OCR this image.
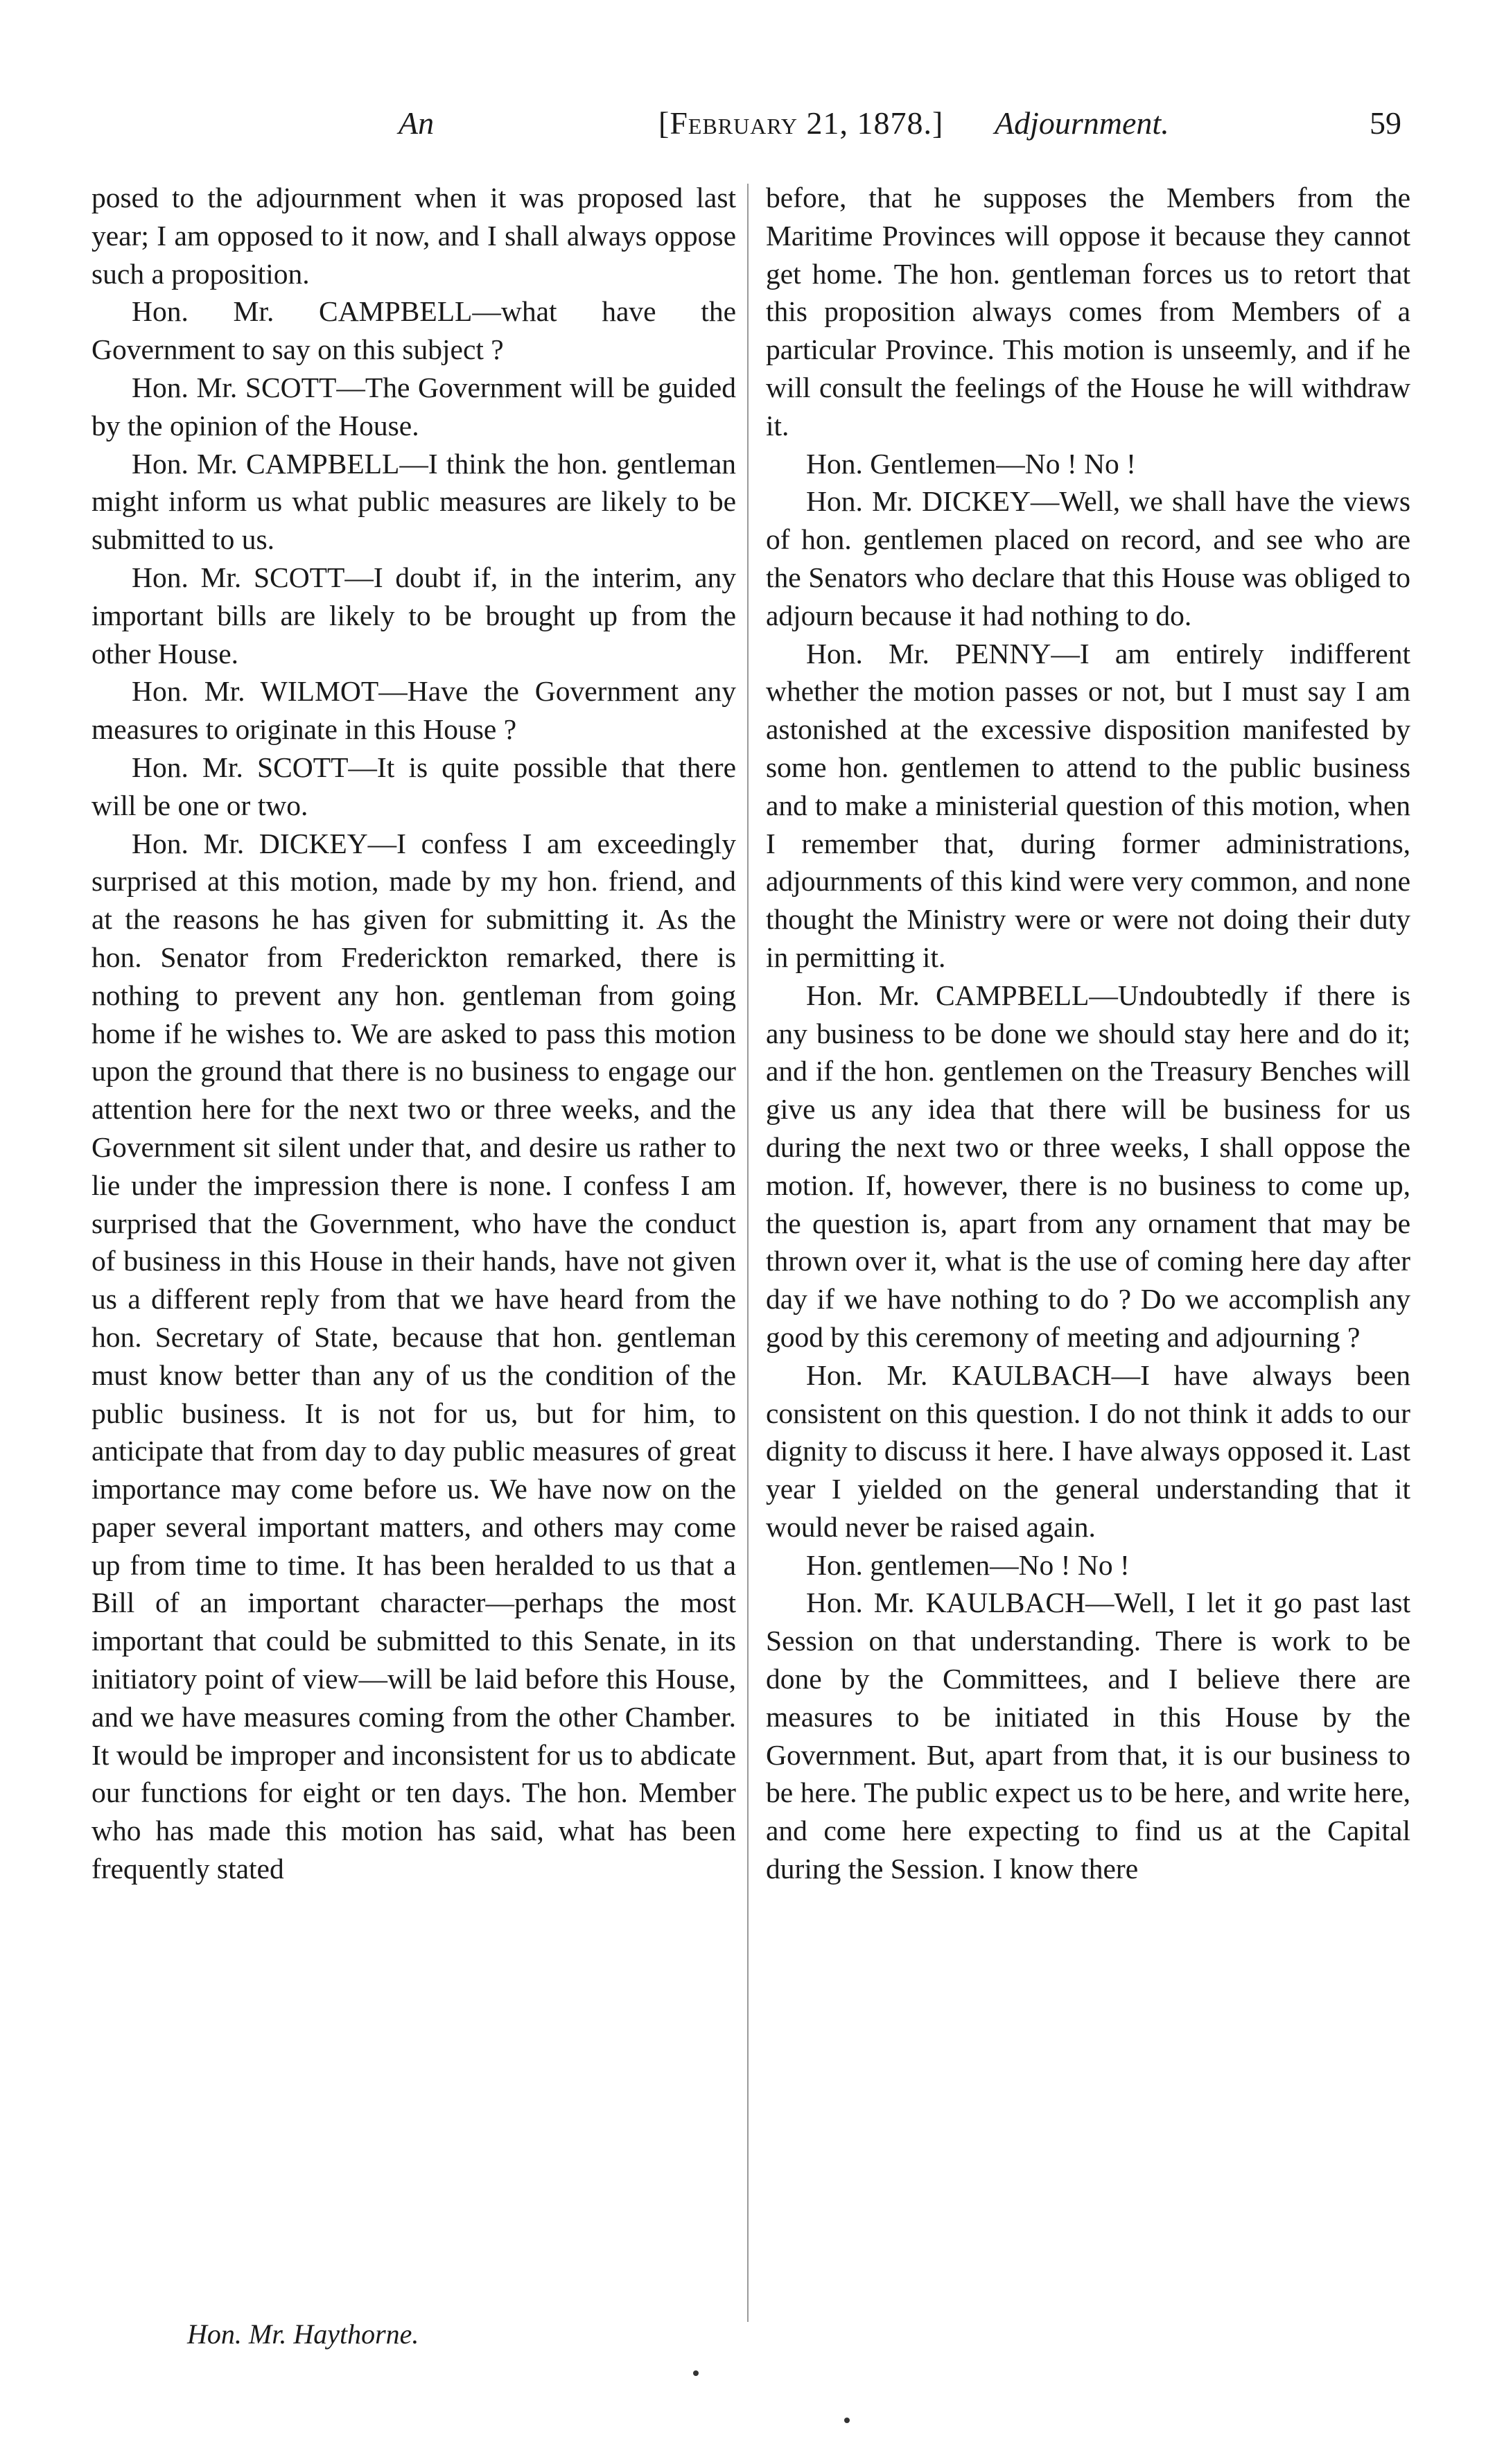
An	[February 21, 1878.] Adjournment.	59

posed to the adjournment when it was proposed last year; I am opposed to it now, and I shall always oppose such a proposition.

Hon. Mr. CAMPBELL—what have the Government to say on this subject ?

Hon. Mr. SCOTT—The Government will be guided by the opinion of the House.

Hon. Mr. CAMPBELL—I think the hon. gentleman might inform us what public measures are likely to be submitted to us.

Hon. Mr. SCOTT—I doubt if, in the interim, any important bills are likely to be brought up from the other House.

Hon. Mr. WILMOT—Have the Government any measures to originate in this House ?

Hon. Mr. SCOTT—It is quite possible that there will be one or two.

Hon. Mr. DICKEY—I confess I am exceedingly surprised at this motion, made by my hon. friend, and at the reasons he has given for submitting it. As the hon. Senator from Frederickton remarked, there is nothing to prevent any hon. gentleman from going home if he wishes to. We are asked to pass this motion upon the ground that there is no business to engage our attention here for the next two or three weeks, and the Government sit silent under that, and desire us rather to lie under the impression there is none. I confess I am surprised that the Government, who have the conduct of business in this House in their hands, have not given us a different reply from that we have heard from the hon. Secretary of State, because that hon. gentleman must know better than any of us the condition of the public business. It is not for us, but for him, to anticipate that from day to day public measures of great importance may come before us. We have now on the paper several important matters, and others may come up from time to time. It has been heralded to us that a Bill of an important character—perhaps the most important that could be submitted to this Senate, in its initiatory point of view—will be laid before this House, and we have measures coming from the other Chamber. It would be improper and inconsistent for us to abdicate our functions for eight or ten days. The hon. Member who has made this motion has said, what has been frequently stated

before, that he supposes the Members from the Maritime Provinces will oppose it because they cannot get home. The hon. gentleman forces us to retort that this proposition always comes from Members of a particular Province. This motion is unseemly, and if he will consult the feelings of the House he will withdraw it.

Hon. Gentlemen—No ! No !

Hon. Mr. DICKEY—Well, we shall have the views of hon. gentlemen placed on record, and see who are the Senators who declare that this House was obliged to adjourn because it had nothing to do.

Hon. Mr. PENNY—I am entirely indifferent whether the motion passes or not, but I must say I am astonished at the excessive disposition manifested by some hon. gentlemen to attend to the public business and to make a ministerial question of this motion, when I remember that, during former administrations, adjournments of this kind were very common, and none thought the Ministry were or were not doing their duty in permitting it.

Hon. Mr. CAMPBELL—Undoubtedly if there is any business to be done we should stay here and do it; and if the hon. gentlemen on the Treasury Benches will give us any idea that there will be business for us during the next two or three weeks, I shall oppose the motion. If, however, there is no business to come up, the question is, apart from any ornament that may be thrown over it, what is the use of coming here day after day if we have nothing to do ? Do we accomplish any good by this ceremony of meeting and adjourning ?

Hon. Mr. KAULBACH—I have always been consistent on this question. I do not think it adds to our dignity to discuss it here. I have always opposed it. Last year I yielded on the general understanding that it would never be raised again.

Hon. gentlemen—No ! No !

Hon. Mr. KAULBACH—Well, I let it go past last Session on that understanding. There is work to be done by the Committees, and I believe there are measures to be initiated in this House by the Government. But, apart from that, it is our business to be here. The public expect us to be here, and write here, and come here expecting to find us at the Capital during the Session. I know there

Hon. Mr. Haythorne.
